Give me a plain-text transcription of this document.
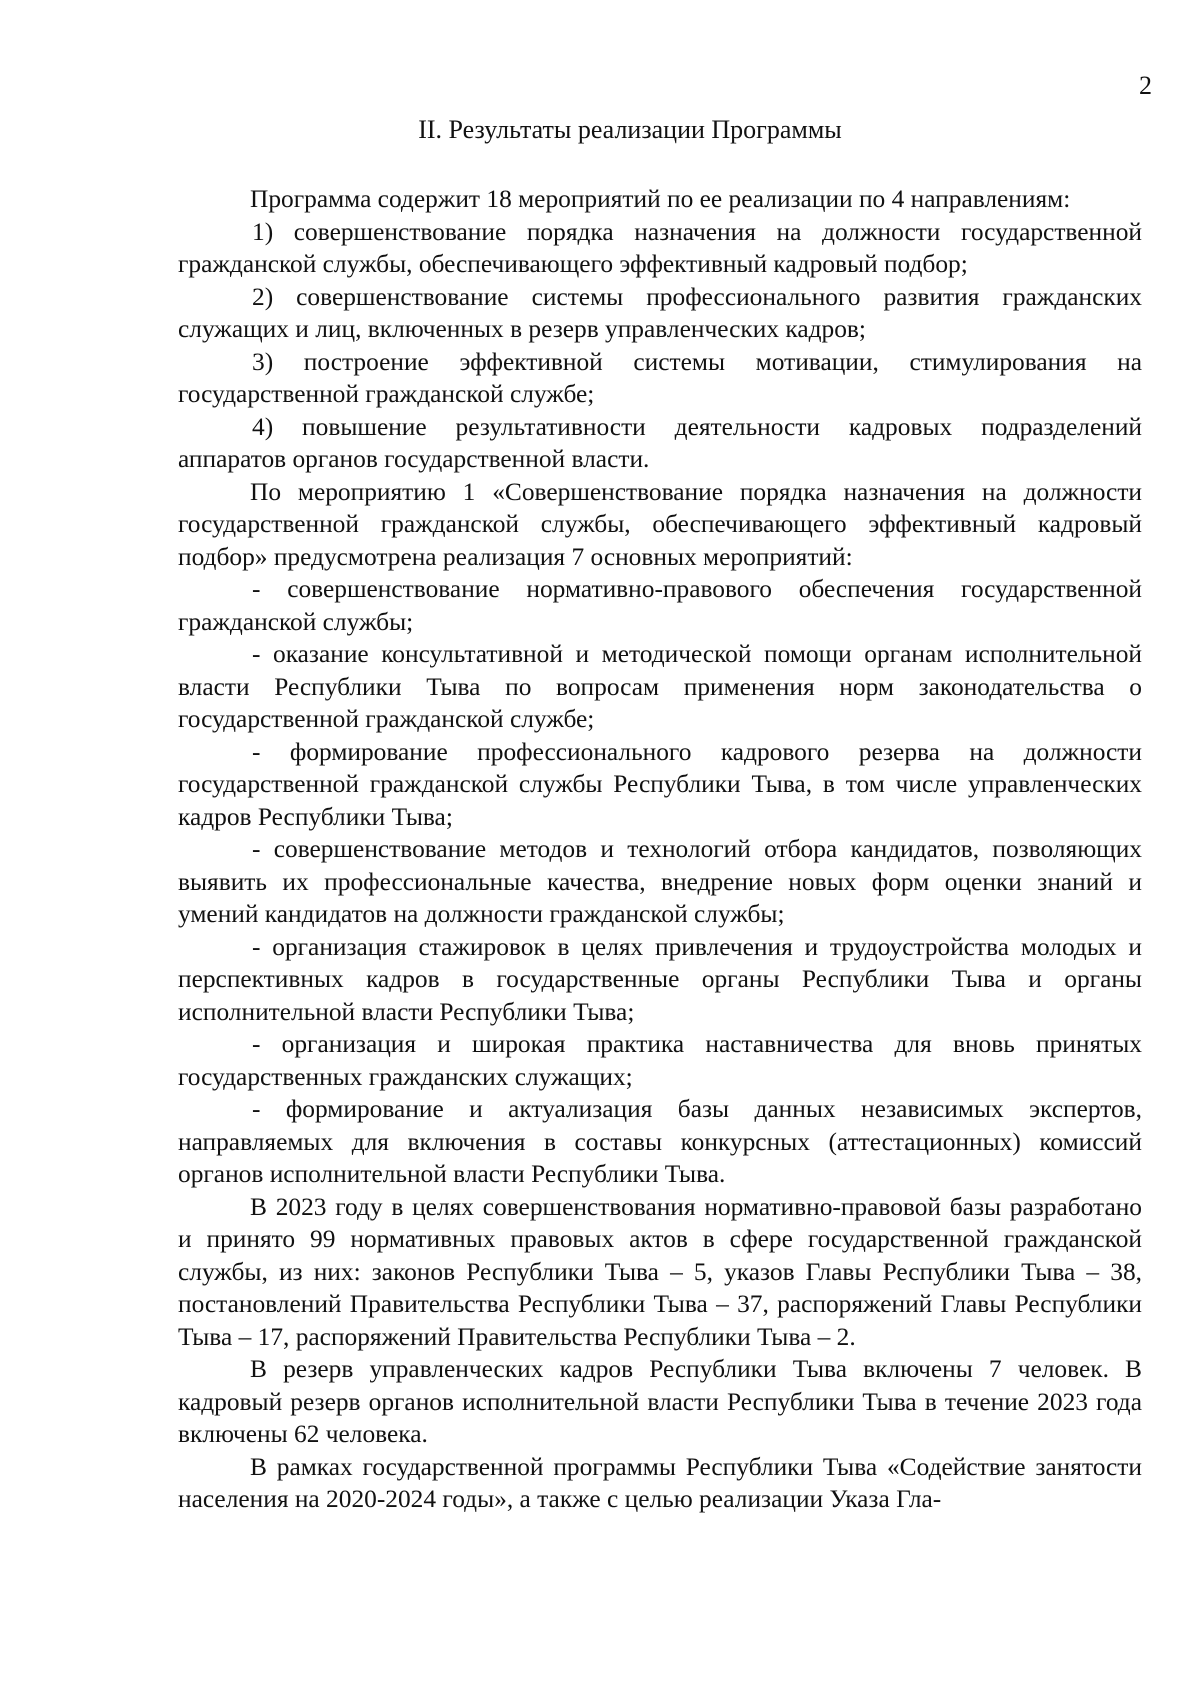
2
II. Результаты реализации Программы

Программа содержит 18 мероприятий по ее реализации по 4 направлениям:

1) совершенствование порядка назначения на должности государственной гражданской службы, обеспечивающего эффективный кадровый подбор;

2) совершенствование системы профессионального развития гражданских служащих и лиц, включенных в резерв управленческих кадров;

3) построение эффективной системы мотивации, стимулирования на государственной гражданской службе;

4) повышение результативности деятельности кадровых подразделений аппаратов органов государственной власти.

По мероприятию 1 «Совершенствование порядка назначения на должности государственной гражданской службы, обеспечивающего эффективный кадровый подбор» предусмотрена реализация 7 основных мероприятий:

- совершенствование нормативно-правового обеспечения государственной гражданской службы;

- оказание консультативной и методической помощи органам исполнительной власти Республики Тыва по вопросам применения норм законодательства о государственной гражданской службе;

- формирование профессионального кадрового резерва на должности государственной гражданской службы Республики Тыва, в том числе управленческих кадров Республики Тыва;

- совершенствование методов и технологий отбора кандидатов, позволяющих выявить их профессиональные качества, внедрение новых форм оценки знаний и умений кандидатов на должности гражданской службы;

- организация стажировок в целях привлечения и трудоустройства молодых и перспективных кадров в государственные органы Республики Тыва и органы исполнительной власти Республики Тыва;

- организация и широкая практика наставничества для вновь принятых государственных гражданских служащих;

- формирование и актуализация базы данных независимых экспертов, направляемых для включения в составы конкурсных (аттестационных) комиссий органов исполнительной власти Республики Тыва.

В 2023 году в целях совершенствования нормативно-правовой базы разработано и принято 99 нормативных правовых актов в сфере государственной гражданской службы, из них: законов Республики Тыва – 5, указов Главы Республики Тыва – 38, постановлений Правительства Республики Тыва – 37, распоряжений Главы Республики Тыва – 17, распоряжений Правительства Республики Тыва – 2.

В резерв управленческих кадров Республики Тыва включены 7 человек. В кадровый резерв органов исполнительной власти Республики Тыва в течение 2023 года включены 62 человека.

В рамках государственной программы Республики Тыва «Содействие занятости населения на 2020-2024 годы», а также с целью реализации Указа Гла-
